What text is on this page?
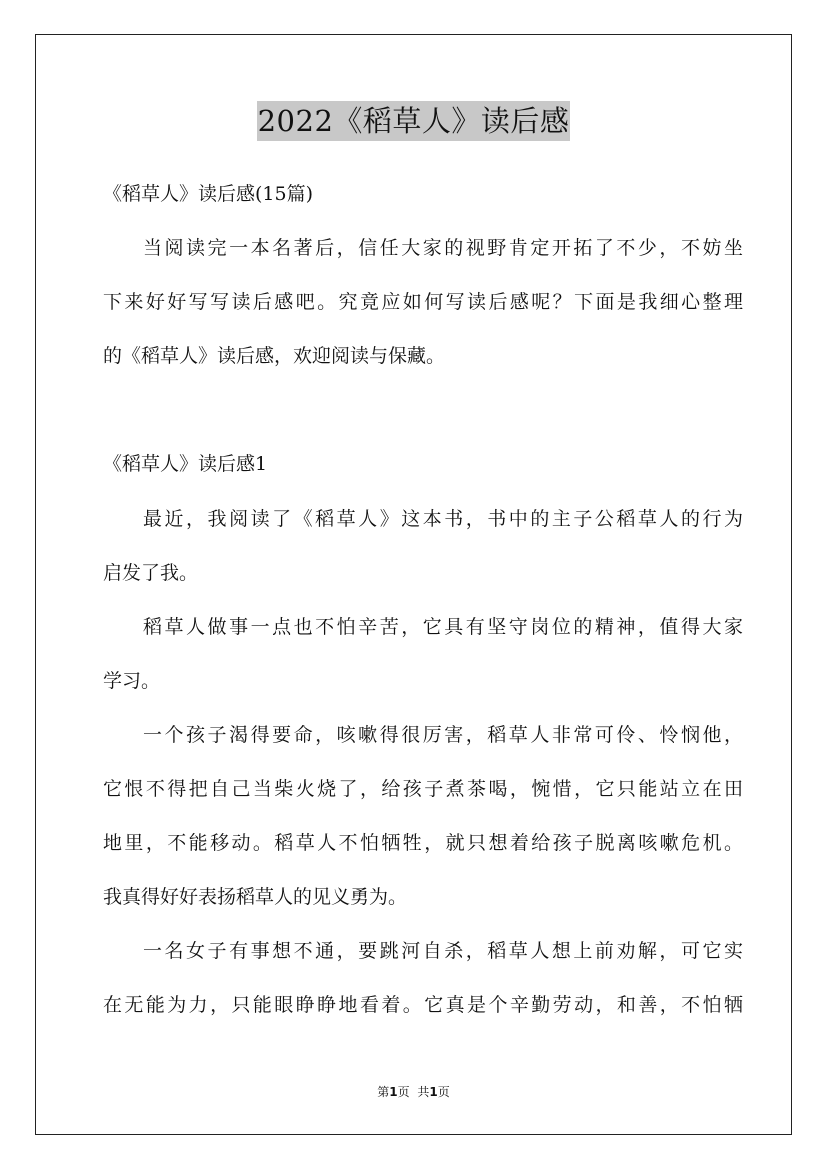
2022《稻草人》读后感
《稻草人》读后感(15篇)
当阅读完一本名著后，信任大家的视野肯定开拓了不少，不妨坐
下来好好写写读后感吧。究竟应如何写读后感呢？下面是我细心整理
的《稻草人》读后感，欢迎阅读与保藏。
《稻草人》读后感1
最近，我阅读了《稻草人》这本书，书中的主子公稻草人的行为
启发了我。
稻草人做事一点也不怕辛苦，它具有坚守岗位的精神，值得大家
学习。
一个孩子渴得要命，咳嗽得很厉害，稻草人非常可伶、怜悯他，
它恨不得把自己当柴火烧了，给孩子煮茶喝，惋惜，它只能站立在田
地里，不能移动。稻草人不怕牺牲，就只想着给孩子脱离咳嗽危机。
我真得好好表扬稻草人的见义勇为。
一名女子有事想不通，要跳河自杀，稻草人想上前劝解，可它实
在无能为力，只能眼睁睁地看着。它真是个辛勤劳动，和善，不怕牺
第1页 共1页
